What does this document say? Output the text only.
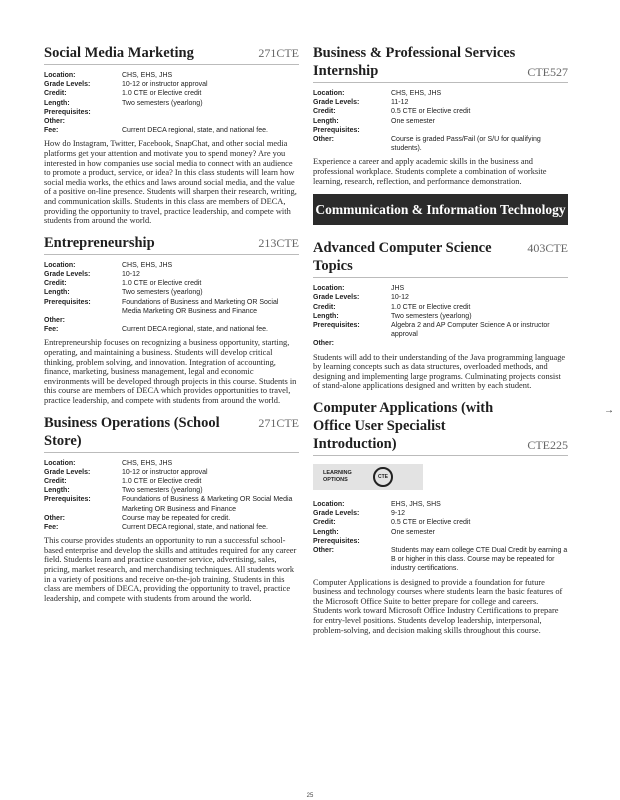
Social Media Marketing	271CTE
Location:	CHS, EHS, JHS
Grade Levels:	10-12 or instructor approval
Credit:	1.0 CTE or Elective credit
Length:	Two semesters (yearlong)
Prerequisites:
Other:
Fee:	Current DECA regional, state, and national fee.
How do Instagram, Twitter, Facebook, SnapChat, and other social media platforms get your attention and motivate you to spend money? Are you interested in how companies use social media to connect with an audience to promote a product, service, or idea? In this class students will learn how social media works, the ethics and laws around social media, and the value of a positive on-line presence. Students will sharpen their research, writing, and communication skills. Students in this class are members of DECA, providing the opportunity to travel, practice leadership, and compete with students from around the world.
Entrepreneurship	213CTE
Location:	CHS, EHS, JHS
Grade Levels:	10-12
Credit:	1.0 CTE or Elective credit
Length:	Two semesters (yearlong)
Prerequisites:	Foundations of Business and Marketing OR Social Media Marketing OR Business and Finance
Other:
Fee:	Current DECA regional, state, and national fee.
Entrepreneurship focuses on recognizing a business opportunity, starting, operating, and maintaining a business. Students will develop critical thinking, problem solving, and innovation. Integration of accounting, finance, marketing, business management, legal and economic environments will be developed through projects in this course. Students in this course are members of DECA which provides opportunities to travel, practice leadership, and compete with students from around the world.
Business Operations (School Store)
271CTE
Location:	CHS, EHS, JHS
Grade Levels:	10-12 or instructor approval
Credit:	1.0 CTE or Elective credit
Length:	Two semesters (yearlong)
Prerequisites:	Foundations of Business & Marketing OR Social Media Marketing OR Business and Finance
Other:	Course may be repeated for credit.
Fee:	Current DECA regional, state, and national fee.
This course provides students an opportunity to run a successful school-based enterprise and develop the skills and attitudes required for any career field. Students learn and practice customer service, advertising, sales, pricing, market research, and merchandising techniques. All students work in a variety of positions and receive on-the-job training. Students in this class are members of DECA, providing the opportunity to travel, practice leadership, and compete with students from around the world.
Business & Professional Services Internship	CTE527
Location:	CHS, EHS, JHS
Grade Levels:	11-12
Credit:	0.5 CTE or Elective credit
Length:	One semester
Prerequisites:
Other:	Course is graded Pass/Fail (or S/U for qualifying students).
Experience a career and apply academic skills in the business and professional workplace. Students complete a combination of worksite learning, research, reflection, and performance demonstration.
Communication & Information Technology
Advanced Computer Science Topics
403CTE
Location:	JHS
Grade Levels:	10-12
Credit:	1.0 CTE or Elective credit
Length:	Two semesters (yearlong)
Prerequisites:	Algebra 2 and AP Computer Science A or instructor approval
Other:
Students will add to their understanding of the Java programming language by learning concepts such as data structures, overloaded methods, and designing and implementing large programs. Culminating projects consist of stand-alone applications designed and written by each student.
Computer Applications (with Office User Specialist Introduction)	CTE225
LEARNING OPTIONS	CTE
Location:	EHS, JHS, SHS
Grade Levels:	9-12
Credit:	0.5 CTE or Elective credit
Length:	One semester
Prerequisites:
Other:	Students may earn college CTE Dual Credit by earning a B or higher in this class. Course may be repeated for industry certifications.
Computer Applications is designed to provide a foundation for future business and technology courses where students learn the basic features of the Microsoft Office Suite to better prepare for college and careers. Students work toward Microsoft Office Industry Certifications to prepare for entry-level positions. Students develop leadership, interpersonal, problem-solving, and decision making skills throughout this course.
→
25
